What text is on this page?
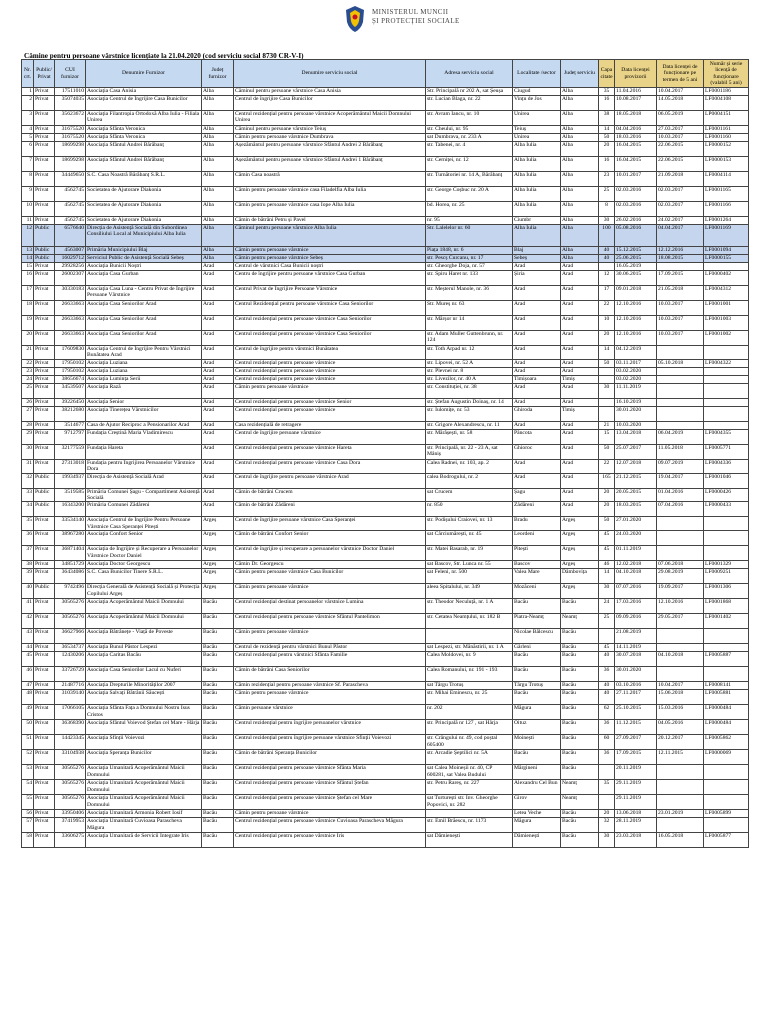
MINISTERUL MUNCII
ȘI PROTECȚIEI SOCIALE
Cămine pentru persoane vârstnice licențiate la 21.04.2020 (cod serviciu social 8730 CR-V-I)
Nr. crt.	Public/ Privat	CUI furnizor	Denumire Furnizor	Județ furnizor	Denumire serviciu social	Adresa serviciu social	Localitate /sector	Județ serviciu	Capa citate	Data licenței provizorii	Data licenței de funcționare pe termen de 5 ani	Număr și serie licență de funcționare (valabil 5 ani)
1	Privat	17511010	Asociația Casa Anisia	Alba	Căminul pentru persoane vârstnice Casa Anisia	Str. Principală nr 202 A, sat Șeușa	Ciugud	Alba	35	11.04.2016	10.04.2017	LF0001186
2	Privat	35074035	Asociația Centrul de Îngrijire Casa Bunicilor	Alba	Centrul de îngrijire Casa Bunicilor	str. Lucian Blaga, nr. 22	Vințu de Jos	Alba	16	10.08.2017	14.05.2018	LF0004108
3	Privat	35623672	Asociația Filantropia Ortodoxă Alba Iulia - Filiala Unirea	Alba	Centrul rezidențial pentru persoane vârstnice Acoperământul Maicii Domnului Unirea	str. Avram Iancu, nr. 10	Unirea	Alba	38	18.05.2018	06.05.2019	LP0004151
4	Privat	31675520	Asociația Sfânta Veronica	Alba	Căminul pentru persoane vârstnice Teiuș	str. Cheului, nr. 95	Teiuș	Alba	14	04.04.2016	27.03.2017	LF0001161
5	Privat	31675520	Asociația Sfânta Veronica	Alba	Cămin pentru persoane vârstnice Dumbrava	sat Dumbrava, nr. 233 A	Unirea	Alba	50	18.03.2016	10.03.2017	LF0001160
6	Privat	18699298	Asociația Sfântul Andrei Bărăbanț	Alba	Așezământul pentru persoane vârstnice Sfântul Andrei 2 Bărăbanț	str. Tabenei, nr. 4	Alba Iulia	Alba	20	16.04.2015	22.06.2015	LF0000152
7	Privat	18699298	Asociația Sfântul Andrei Bărăbanț	Alba	Așezământul pentru persoane vârstnice Sfântul Andrei 1 Bărăbanț	str. Cerniței, nr. 12	Alba Iulia	Alba	16	16.04.2015	22.06.2015	LF0000153
8	Privat	34449650	S.C. Casa Noastră Bărăbanț S.R.L.	Alba	Cămin Casa noastră	str. Turnătoriei nr. 14 A, Bărăbanț	Alba Iulia	Alba	23	10.01.2017	21.09.2018	LF0004114
9	Privat	4562745	Societatea de Ajutorare Diakonia	Alba	Cămin pentru persoane vârstnice casa Filadelfia Alba Iulia	str. George Coșbuc nr. 20 A	Alba Iulia	Alba	25	02.03.2016	02.03.2017	LF0001165
10	Privat	4562745	Societatea de Ajutorare Diakonia	Alba	Cămin pentru persoane vârstnice casa Iope Alba Iulia	bd. Horea, nr. 25	Alba Iulia	Alba	8	02.03.2016	02.03.2017	LF0001166
11	Privat	4562745	Societatea de Ajutorare Diakonia	Alba	Cămin de bătrâni Petru și Pavel	nr. 95	Ciumbr	Alba	30	26.02.2016	24.02.2017	LF0001264
12	Public	6576640	Direcția de Asistență Socială din Subordinea Consiliului Local al Municipiului Alba Iulia	Alba	Căminul pentru persoane vârstnice Alba Iulia	Str. Lalelelor nr. 60	Alba Iulia	Alba	100	05.08.2016	04.04.2017	LF0001169
13	Public	4563007	Primăria Municipiului Blaj	Alba	Cămin pentru persoane vârstnice	Piața 1848, nr. 6	Blaj	Alba	40	15.12.2015	12.12.2016	LF0001094
14	Public	16029712	Serviciul Public de Asistență Socială Sebeș	Alba	Cămin pentru persoane vârstnice Sebeș	str. Pescș Curcanu, nr. 17	Sebeș	Alba	40	25.06.2015	18.08.2015	LF0000155
15	Privat	29928256	Asociația Bunicii Noștri	Arad	Centrul de vârstnici Casa Bunicii noștri	str. Gheorghe Doja, nr. 57	Arad	Arad		16.05.2019		
16	Privat	26002307	Asociația Casa Gurban	Arad	Centru de îngrijire pentru persoane vârstnice Casa Gurban	str. Spiru Haret nr. 133	Șiria	Arad	12	30.06.2015	17.09.2015	LF0000402
17	Privat	30330183	Asociația Casa Luna - Centru Privat de Îngrijire Persoane Vârstnice	Arad	Centrul Privat de Îngrijire Persoane Vârstnice	str. Meșterul Manole, nr. 36	Arad	Arad	17	09.01.2018	21.05.2018	LF0004312
18	Privat	26633663	Asociația Casa Seniorilor Arad	Arad	Centrul Rezidențial pentru persoane vârstnice Casa Seniorilor	Str. Mureș nr. 63	Arad	Arad	22	12.10.2016	10.03.2017	LF0001001
19	Privat	26633663	Asociația Casa Seniorilor Arad	Arad	Centrul rezidențial pentru persoane vârstnice Casa Seniorilor	str. Mărșor nr 14	Arad	Arad	10	12.10.2016	10.03.2017	LF0001003
20	Privat	26633663	Asociația Casa Seniorilor Arad	Arad	Centrul rezidențial pentru persoane vârstnice Casa Seniorilor	str. Adam Muller Guttenbrunn, nr. 124	Arad	Arad	20	12.10.2016	10.03.2017	LF0001002
21	Privat	17609830	Asociația Centrul de Îngrijire Pentru Vârstnici Bunătatea Arad	Arad	Centrul de îngrijire pentru vârstnici Bunătatea	str. Toth Arpad nr. 12	Arad	Arad	14	04.12.2019		
22	Privat	17950102	Asociația Luziana	Arad	Centrul rezidențial pentru persoane vârstnice	str. Lipovei, nr. 52 A	Arad	Arad	50	03.11.2017	05.10.2018	LF0004322
23	Privat	17950102	Asociația Luziana	Arad	Centrul rezidențial pentru persoane vârstnice	str. Plevnei nr. 8	Arad	Arad		03.02.2020		
24	Privat	38656674	Asociația Lumința Serii	Arad	Centrul rezidențial pentru persoane vârstnice	str. Livezilor, nr. 40 A	Timișoara	Timiș		03.02.2020		
25	Privat	34539507	Asociația Rază	Arad	Cămin pentru persoane vârstnice	str. Constituției, nr. 38	Arad	Arad	30	11.11.2019		
26	Privat	39226450	Asociația Senior	Arad	Centrul rezidențial pentru persoane vârstnice Senior	str. Ștefan Augustin Doinaș, nr. 14	Arad	Arad		16.10.2019		
27	Privat	38212680	Asociația Tinerețea Vârstnicilor	Arad	Centrul rezidențial pentru persoane vârstnice	str. Iulomițe, nr. 53	Ghiroda	Timiș		30.01.2020		
28	Privat	3514677	Casa de Ajutor Reciproc a Pensionarilor Arad	Arad	Casa rezidențială de retragere	str. Grigore Alexandrescu, nr. 11	Arad	Arad	21	10.03.2020		
29	Privat	9712797	Fundația Creștină Maria Vladimirescu	Arad	Centrul de îngrijire persoane vârstnice	str. Mărășești, nr. 58	Pâncota	Arad	15	13.04.2018	06.04.2019	LF0004355
30	Privat	32177559	Fundația Hareta	Arad	Centrul rezidențial pentru persoane vârstnice Hareta	str. Principală, nr. 22 - 23 A, sat Mâniș	Ghioroc	Arad	50	25.07.2017	11.05.2018	LF0005771
31	Privat	27313018	Fundația pentru Îngrijirea Persoanelor Vârstnice Dora	Arad	Centrul rezidențial pentru persoane vârstnice Casa Dora	Calea Radnei, nr. 103, ap. 2	Arad	Arad	22	12.07.2018	09.07.2019	LF0004336
32	Public	19934937	Direcția de Asistență Socială Arad	Arad	Centrul de îngrijire pentru persoane vârstnice Arad	calea Bodrogului, nr. 2	Arad	Arad	165	21.12.2015	19.04.2017	LF0001046
33	Public	3519585	Primăria Comunei Șagu - Compartiment Asistență Socială	Arad	Cămin de bătrâni Crucem	sat Crucem	Șagu	Arad	20	20.05.2015	01.04.2016	LF0000426
34	Public	16343200	Primăria Comunei Zădăreni	Arad	Cămin de bătrâni Zădăreni	nr. 850	Zădăreni	Arad	20	18.03.2015	07.04.2016	LF0000433
35	Privat	33534140	Asociația Centrul de Îngrijire Pentru Persoane Vârstnice Casa Speranței Pitești	Argeș	Centrul de îngrijire persoane vârstnice Casa Speranței	str. Podișului Craiovei, nr. 13	Bradu	Argeș	50	27.01.2020		
36	Privat	38967280	Asociația Confort Senior	Argeș	Cămin de bătrâni Confort Senior	sat Cârciumărești, nr. 45	Leordeni	Argeș	45	24.03.2020		
37	Privat	36871404	Asociația de Îngrijire și Recuperare a Persoanelor Vârstnice Doctor Daniel	Argeș	Centrul de îngrijire și recuperare a persoanelor vârstnice Doctor Daniel	str. Matei Basarab, nr. 19	Pitești	Argeș	45	01.11.2019		
38	Privat	34851729	Asociația Doctor Georgescu	Argeș	Cămin Dr. Georgescu	sat Bascov, Str. Lunca nr. 55	Bascov	Argeș	46	12.02.2018	07.06.2018	LF0001329
39	Privat	36434086	S.C. Casa Bunicilor Tinere S.R.L.	Argeș	Cămin pentru persoane vârstnice Casa Bunicilor	sat Feleni, nr. 500	Valea Mare	Dâmbovița	14	04.10.2018	29.08.2019	LF0009251
40	Public	9742496	Direcția Generală de Asistență Socială și Protecția Copilului Argeș	Argeș	Cămin pentru persoane vârstnice	aleea Spitalului, nr. 349	Mozăceni	Argeș	30	07.07.2016	19.09.2017	LF0001306
41	Privat	30565276	Asociația Acoperământul Maicii Domnului	Bacău	Centrul rezidențial destinat persoanelor vârstnice Lumina	str. Theodor Neculuță, nr. 1 A	Bacău	Bacău	24	17.03.2016	12.10.2016	LF0001868
42	Privat	30565276	Asociația Acoperământul Maicii Domnului	Bacău	Centrul rezidențial pentru persoane vârstnice Sfântul Pantelimon	str. Cetatea Neamțului, nr. 182 B	Piatra-Neamț	Neamț	25	09.09.2016	29.05.2017	LF0001402
43	Privat	36627966	Asociația Bătrânețe - Viață de Poveste	Bacău	Cămin pentru persoane vârstnice		Nicolae Bălcescu	Bacău		21.08.2019		
44	Privat	36534737	Asociația Bunul Păstor Lespezi	Bacău	Centrul de rezidență pentru vârstnici Bunul Păstor	sat Lespezi, str. Mănăstirii, nr. 1 A	Gârleni	Bacău	45	14.11.2019		
45	Privat	12430206	Asociația Caritas Bacău	Bacău	Centrul rezidențial pentru vârstnici Sfânta Familie	Calea Moldovei, nr. 9	Bacău	Bacău	40	30.07.2018	04.10.2018	LF0005887
46	Privat	33726729	Asociația Casa Seniorilor Lacul cu Nuferi	Bacău	Cămin de bătrâni Casa Seniorilor	Calea Romanului, nr. 191 - 193	Bacău	Bacău	36	30.01.2020		
47	Privat	21487716	Asociația Drepturile Minorităților 2007	Bacău	Cămin rezidențial pentru persoane vârstnice Sf. Parascheva	sat Târgu Trotuș	Târgu Trotuș	Bacău	40	03.10.2016	10.04.2017	LF0008141
48	Privat	31039140	Asociația Salvați Bătrânii Săucești	Bacău	Cămin pentru persoane vârstnice	str. Mihai Eminescu, nr. 25	Bacău	Bacău	40	27.11.2017	15.06.2018	LF0005881
49	Privat	17066105	Asociația Sfânta Fața a Domnului Nostru Isus Cristos	Bacău	Cămin persoane vârstnice	nr. 202	Măgura	Bacău	62	25.10.2015	15.03.2016	LF0000484
50	Privat	36368390	Asociația Sfântul Voievod Ștefan cel Mare - Hârja	Bacău	Centrul rezidențial pentru îngrijire persoanelor vârstnice	str. Principală nr 127 , sat Hârja	Oituz	Bacău	36	11.12.2015	04.05.2016	LF0000484
51	Privat	14423345	Asociația Sfinții Voievozi	Bacău	Centrul rezidențial pentru îngrijire persoane vârstnice Sfinții Voievozi	str. Crângului nr. 49, cod poștal 605400	Moinești	Bacău	60	27.09.2017	20.12.2017	LF0005862
52	Privat	33104938	Asociația Speranța Bunicilor	Bacău	Cămin de bătrâni Speranța Bunicilor	str. Arcadie Șeptilici nr. 5A	Bacău	Bacău	36	17.09.2015	12.11.2015	LF0000069
53	Privat	30565276	Asociația Umanitară Acoperământul Maicii Domnului	Bacău	Centrul rezidențial pentru persoane vârstnice Sfânta Maria	sat Calea Moineșii nr. 40, CP 600281, sat Valea Budului	Mărgineni	Bacău		20.11.2019		
54	Privat	30565276	Asociația Umanitară Acoperământul Maicii Domnului	Bacău	Centrul rezidențial pentru persoane vârstnice Sfântul Ștefan	str. Petru Rareș, nr. 227	Alexandru Cel Bun	Neamț	35	29.11.2019		
55	Privat	30565276	Asociația Umanitară Acoperământul Maicii Domnului	Bacău	Centrul rezidențial pentru persoane vârstnice Ștefan cel Mare	sat Turturești str. Inv. Gheorghe Popovici, nr. 282	Girov	Neamț		29.11.2019		
56	Privat	33950406	Asociația Umanitară Armonia Robert Iosif	Bacău	Cămin pentru persoane vârstnice		Letea Veche	Bacău	20	13.06.2018	23.01.2019	LF0005899
57	Privat	37419953	Asociația Umanitară Cuvioasa Parascheva Măgura	Bacău	Centrul rezidențial pentru persoane vârstnice Cuvioasa Parascheva Măgura	str. Emil Brăescu, nr. 1173	Măgura	Bacău	32	28.11.2019		
58	Privat	33606275	Asociația Umanitară de Servicii Integrate Iris	Bacău	Centrul rezidențial pentru persoane vârstnice Iris	sat Dămienești	Dămienești	Bacău	30	23.03.2018	16.05.2018	LF0005877
